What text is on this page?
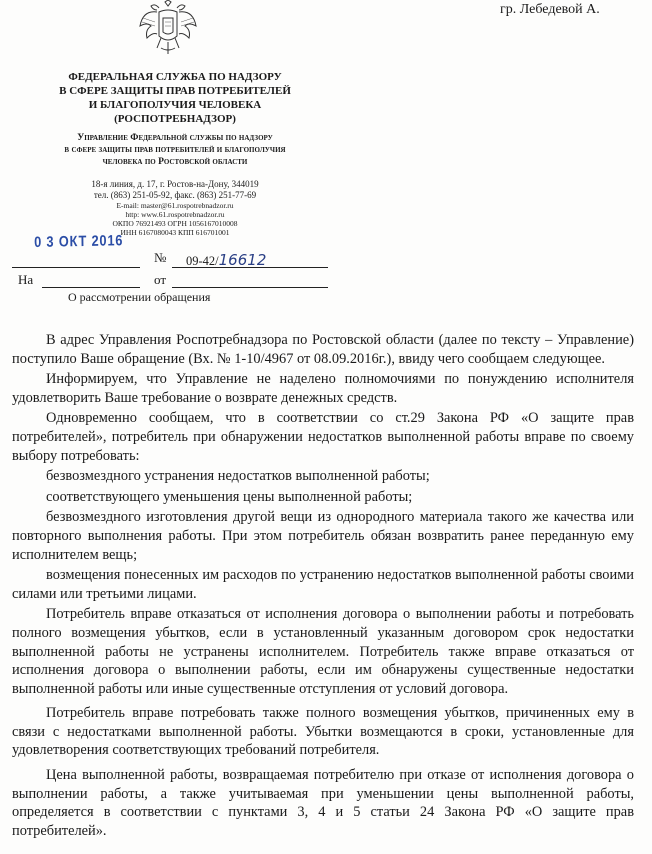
гр. Лебедевой А.
ФЕДЕРАЛЬНАЯ СЛУЖБА ПО НАДЗОРУ
В СФЕРЕ ЗАЩИТЫ ПРАВ ПОТРЕБИТЕЛЕЙ
И БЛАГОПОЛУЧИЯ ЧЕЛОВЕКА
(РОСПОТРЕБНАДЗОР)
Управление Федеральной службы по надзору
в сфере защиты прав потребителей и благополучия
человека по Ростовской области
18-я линия, д. 17, г. Ростов-на-Дону, 344019
тел. (863) 251-05-92, факс. (863) 251-77-69
E-mail: master@61.rospotrebnadzor.ru
http: www.61.rospotrebnadzor.ru
ОКПО 76921493 ОГРН 1056167010008
ИНН 6167080043 КПП 616701001
0 3 ОКТ 2016
№ 09-42/16612
На	от
О рассмотрении обращения

В адрес Управления Роспотребнадзора по Ростовской области (далее по тексту – Управление) поступило Ваше обращение (Вх. № 1-10/4967 от 08.09.2016г.), ввиду чего сообщаем следующее.

Информируем, что Управление не наделено полномочиями по понуждению исполнителя удовлетворить Ваше требование о возврате денежных средств.

Одновременно сообщаем, что в соответствии со ст.29 Закона РФ «О защите прав потребителей», потребитель при обнаружении недостатков выполненной работы вправе по своему выбору потребовать:

безвозмездного устранения недостатков выполненной работы;

соответствующего уменьшения цены выполненной работы;

безвозмездного изготовления другой вещи из однородного материала такого же качества или повторного выполнения работы. При этом потребитель обязан возвратить ранее переданную ему исполнителем вещь;

возмещения понесенных им расходов по устранению недостатков выполненной работы своими силами или третьими лицами.

Потребитель вправе отказаться от исполнения договора о выполнении работы и потребовать полного возмещения убытков, если в установленный указанным договором срок недостатки выполненной работы не устранены исполнителем. Потребитель также вправе отказаться от исполнения договора о выполнении работы, если им обнаружены существенные недостатки выполненной работы или иные существенные отступления от условий договора.

Потребитель вправе потребовать также полного возмещения убытков, причиненных ему в связи с недостатками выполненной работы. Убытки возмещаются в сроки, установленные для удовлетворения соответствующих требований потребителя.

Цена выполненной работы, возвращаемая потребителю при отказе от исполнения договора о выполнении работы, а также учитываемая при уменьшении цены выполненной работы, определяется в соответствии с пунктами 3, 4 и 5 статьи 24 Закона РФ «О защите прав потребителей».
